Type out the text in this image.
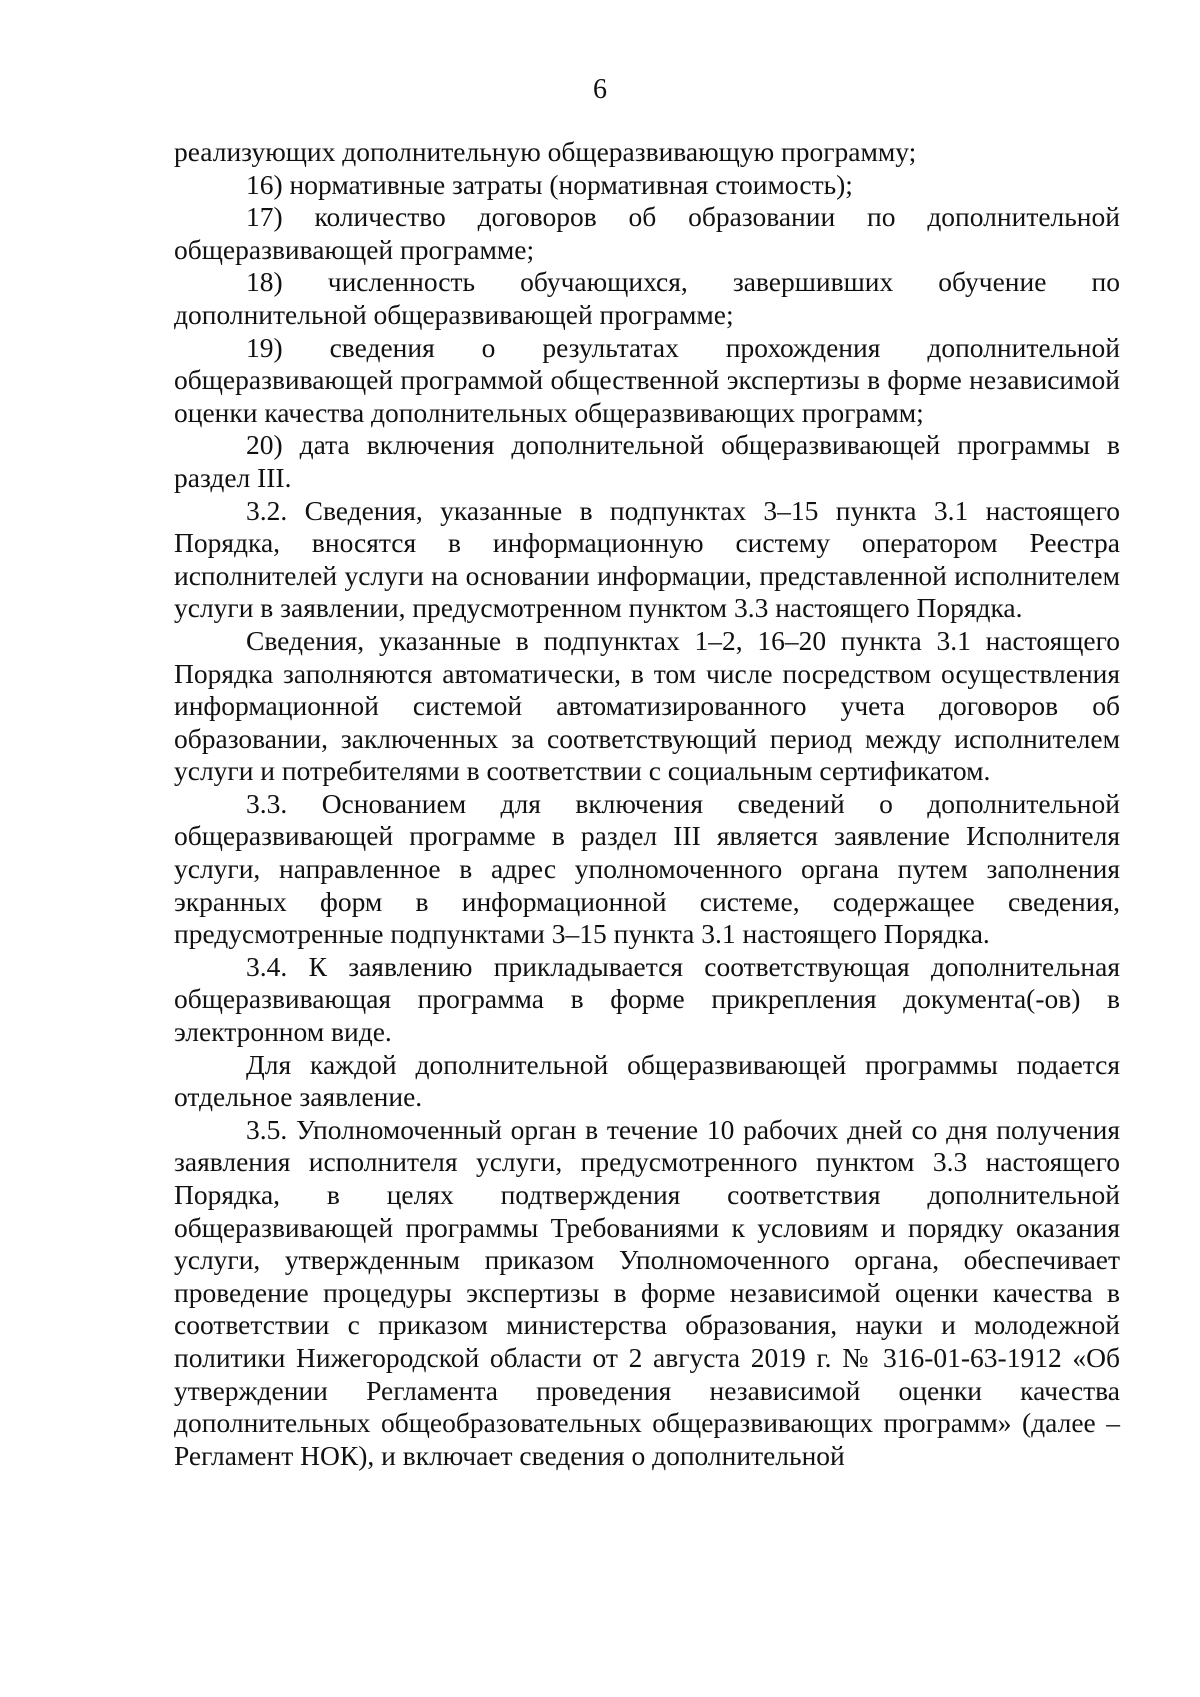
6

реализующих дополнительную общеразвивающую программу;

16) нормативные затраты (нормативная стоимость);

17) количество договоров об образовании по дополнительной общеразвивающей программе;

18) численность обучающихся, завершивших обучение по дополнительной общеразвивающей программе;

19) сведения о результатах прохождения дополнительной общеразвивающей программой общественной экспертизы в форме независимой оценки качества дополнительных общеразвивающих программ;

20) дата включения дополнительной общеразвивающей программы в раздел III.

3.2. Сведения, указанные в подпунктах 3–15 пункта 3.1 настоящего Порядка, вносятся в информационную систему оператором Реестра исполнителей услуги на основании информации, представленной исполнителем услуги в заявлении, предусмотренном пунктом 3.3 настоящего Порядка.

Сведения, указанные в подпунктах 1–2, 16–20 пункта 3.1 настоящего Порядка заполняются автоматически, в том числе посредством осуществления информационной системой автоматизированного учета договоров об образовании, заключенных за соответствующий период между исполнителем услуги и потребителями в соответствии с социальным сертификатом.

3.3. Основанием для включения сведений о дополнительной общеразвивающей программе в раздел III является заявление Исполнителя услуги, направленное в адрес уполномоченного органа путем заполнения экранных форм в информационной системе, содержащее сведения, предусмотренные подпунктами 3–15 пункта 3.1 настоящего Порядка.

3.4. К заявлению прикладывается соответствующая дополнительная общеразвивающая программа в форме прикрепления документа(-ов) в электронном виде.

Для каждой дополнительной общеразвивающей программы подается отдельное заявление.

3.5. Уполномоченный орган в течение 10 рабочих дней со дня получения заявления исполнителя услуги, предусмотренного пунктом 3.3 настоящего Порядка, в целях подтверждения соответствия дополнительной общеразвивающей программы Требованиями к условиям и порядку оказания услуги, утвержденным приказом Уполномоченного органа, обеспечивает проведение процедуры экспертизы в форме независимой оценки качества в соответствии с приказом министерства образования, науки и молодежной политики Нижегородской области от 2 августа 2019 г. № 316-01-63-1912 «Об утверждении Регламента проведения независимой оценки качества дополнительных общеобразовательных общеразвивающих программ» (далее – Регламент НОК), и включает сведения о дополнительной
